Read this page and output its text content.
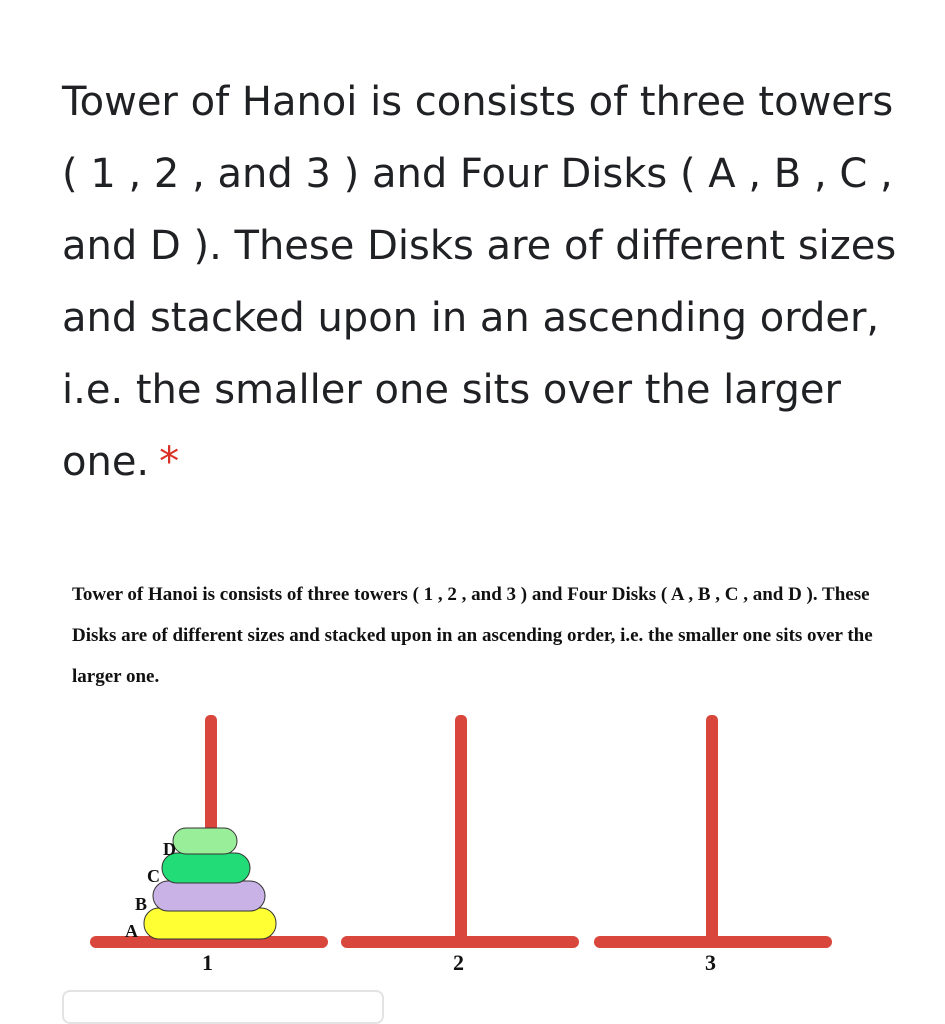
Tower of Hanoi is consists of three towers ( 1 , 2 , and 3 ) and Four Disks ( A , B , C , and D ). These Disks are of different sizes and stacked upon in an ascending order, i.e. the smaller one sits over the larger one. *

Tower of Hanoi is consists of three towers ( 1 , 2 , and 3 ) and Four Disks ( A , B , C , and D ). These Disks are of different sizes and stacked upon in an ascending order, i.e. the smaller one sits over the larger one.

A
B
C
D
1	2	3
